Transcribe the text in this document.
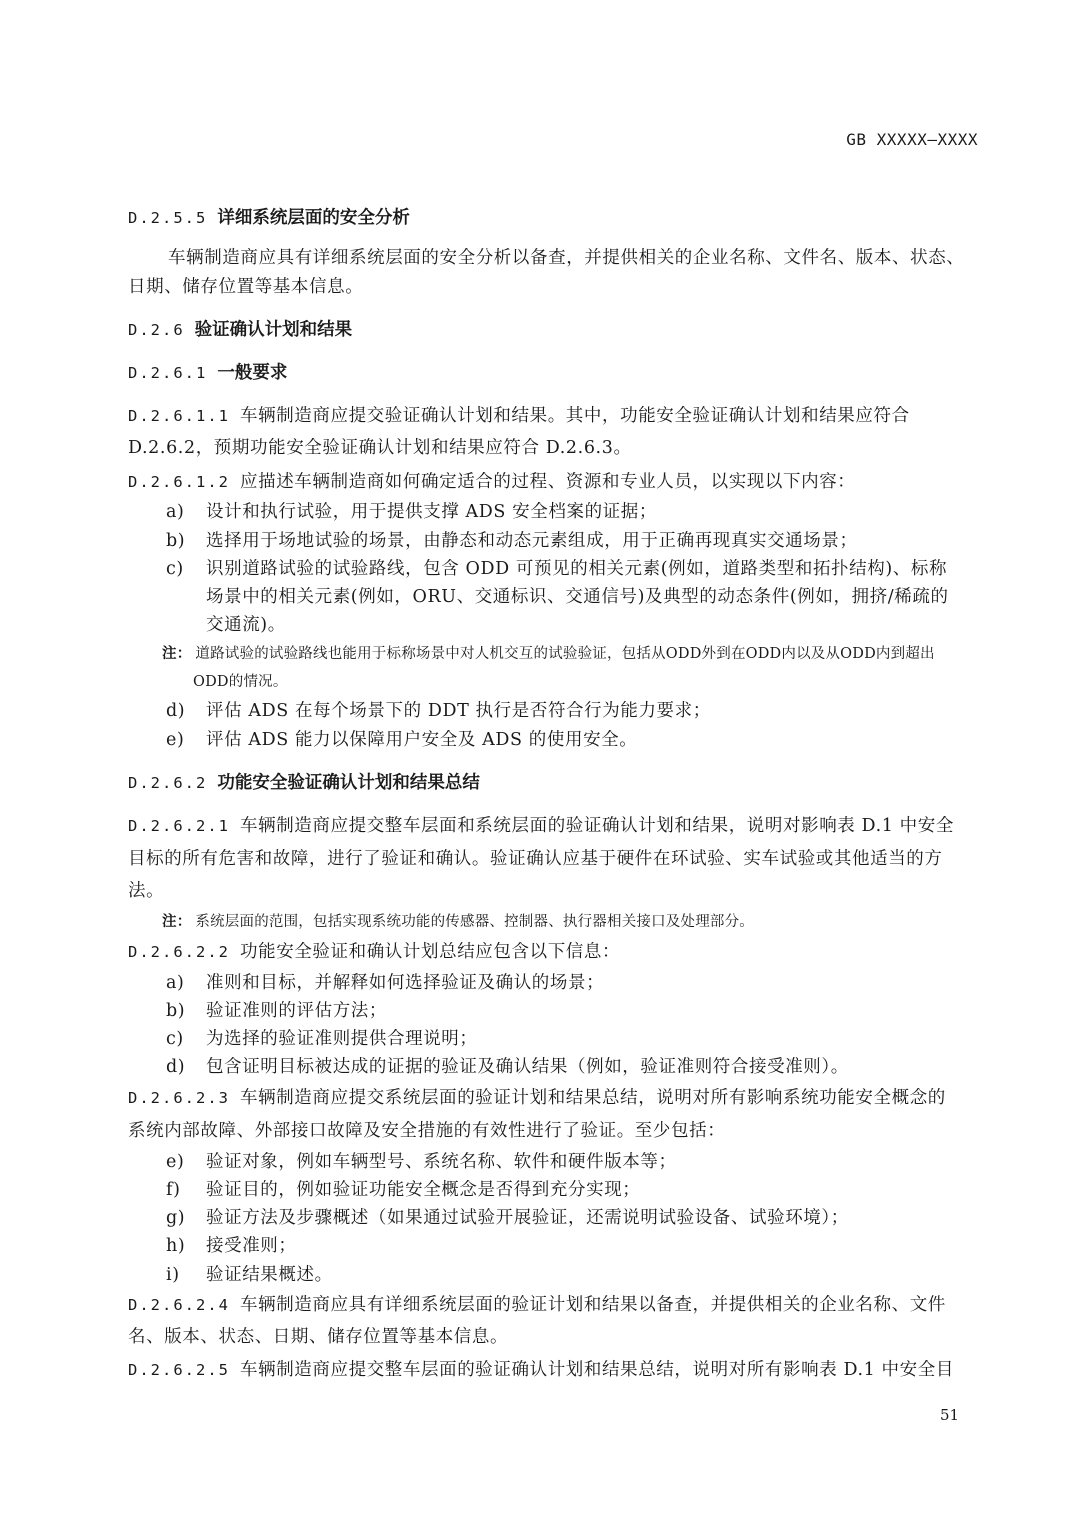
GB XXXXX—XXXX
D.2.5.5 详细系统层面的安全分析
车辆制造商应具有详细系统层面的安全分析以备查，并提供相关的企业名称、文件名、版本、状态、
日期、储存位置等基本信息。
D.2.6 验证确认计划和结果
D.2.6.1 一般要求
D.2.6.1.1 车辆制造商应提交验证确认计划和结果。其中，功能安全验证确认计划和结果应符合
D.2.6.2，预期功能安全验证确认计划和结果应符合 D.2.6.3。
D.2.6.1.2 应描述车辆制造商如何确定适合的过程、资源和专业人员，以实现以下内容：
a) 设计和执行试验，用于提供支撑 ADS 安全档案的证据；
b) 选择用于场地试验的场景，由静态和动态元素组成，用于正确再现真实交通场景；
c) 识别道路试验的试验路线，包含 ODD 可预见的相关元素(例如，道路类型和拓扑结构)、标称
场景中的相关元素(例如，ORU、交通标识、交通信号)及典型的动态条件(例如，拥挤/稀疏的
交通流)。
注： 道路试验的试验路线也能用于标称场景中对人机交互的试验验证，包括从ODD外到在ODD内以及从ODD内到超出
ODD的情况。
d) 评估 ADS 在每个场景下的 DDT 执行是否符合行为能力要求；
e) 评估 ADS 能力以保障用户安全及 ADS 的使用安全。
D.2.6.2 功能安全验证确认计划和结果总结
D.2.6.2.1 车辆制造商应提交整车层面和系统层面的验证确认计划和结果，说明对影响表 D.1 中安全
目标的所有危害和故障，进行了验证和确认。验证确认应基于硬件在环试验、实车试验或其他适当的方
法。
注： 系统层面的范围，包括实现系统功能的传感器、控制器、执行器相关接口及处理部分。
D.2.6.2.2 功能安全验证和确认计划总结应包含以下信息：
a) 准则和目标，并解释如何选择验证及确认的场景；
b) 验证准则的评估方法；
c) 为选择的验证准则提供合理说明；
d) 包含证明目标被达成的证据的验证及确认结果（例如，验证准则符合接受准则）。
D.2.6.2.3 车辆制造商应提交系统层面的验证计划和结果总结，说明对所有影响系统功能安全概念的
系统内部故障、外部接口故障及安全措施的有效性进行了验证。至少包括：
e) 验证对象，例如车辆型号、系统名称、软件和硬件版本等；
f) 验证目的，例如验证功能安全概念是否得到充分实现；
g) 验证方法及步骤概述（如果通过试验开展验证，还需说明试验设备、试验环境）；
h) 接受准则；
i) 验证结果概述。
D.2.6.2.4 车辆制造商应具有详细系统层面的验证计划和结果以备查，并提供相关的企业名称、文件
名、版本、状态、日期、储存位置等基本信息。
D.2.6.2.5 车辆制造商应提交整车层面的验证确认计划和结果总结，说明对所有影响表 D.1 中安全目
51
